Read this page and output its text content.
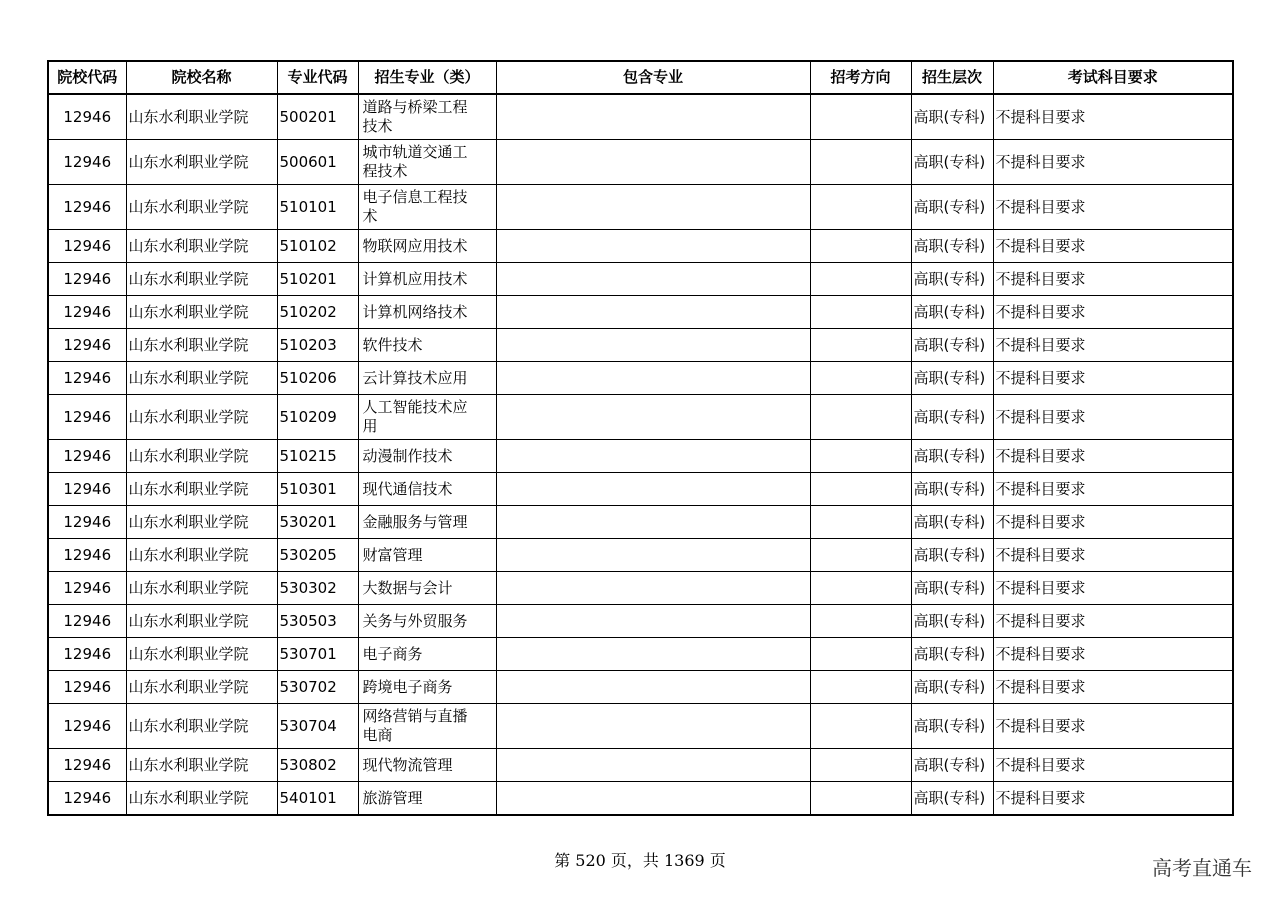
院校代码	院校名称	专业代码	招生专业（类）	包含专业	招考方向	招生层次	考试科目要求
12946	山东水利职业学院	500201	道路与桥梁工程技术			高职(专科)	不提科目要求
12946	山东水利职业学院	500601	城市轨道交通工程技术			高职(专科)	不提科目要求
12946	山东水利职业学院	510101	电子信息工程技术			高职(专科)	不提科目要求
12946	山东水利职业学院	510102	物联网应用技术			高职(专科)	不提科目要求
12946	山东水利职业学院	510201	计算机应用技术			高职(专科)	不提科目要求
12946	山东水利职业学院	510202	计算机网络技术			高职(专科)	不提科目要求
12946	山东水利职业学院	510203	软件技术			高职(专科)	不提科目要求
12946	山东水利职业学院	510206	云计算技术应用			高职(专科)	不提科目要求
12946	山东水利职业学院	510209	人工智能技术应用			高职(专科)	不提科目要求
12946	山东水利职业学院	510215	动漫制作技术			高职(专科)	不提科目要求
12946	山东水利职业学院	510301	现代通信技术			高职(专科)	不提科目要求
12946	山东水利职业学院	530201	金融服务与管理			高职(专科)	不提科目要求
12946	山东水利职业学院	530205	财富管理			高职(专科)	不提科目要求
12946	山东水利职业学院	530302	大数据与会计			高职(专科)	不提科目要求
12946	山东水利职业学院	530503	关务与外贸服务			高职(专科)	不提科目要求
12946	山东水利职业学院	530701	电子商务			高职(专科)	不提科目要求
12946	山东水利职业学院	530702	跨境电子商务			高职(专科)	不提科目要求
12946	山东水利职业学院	530704	网络营销与直播电商			高职(专科)	不提科目要求
12946	山东水利职业学院	530802	现代物流管理			高职(专科)	不提科目要求
12946	山东水利职业学院	540101	旅游管理			高职(专科)	不提科目要求
第 520 页，共 1369 页	高考直通车
